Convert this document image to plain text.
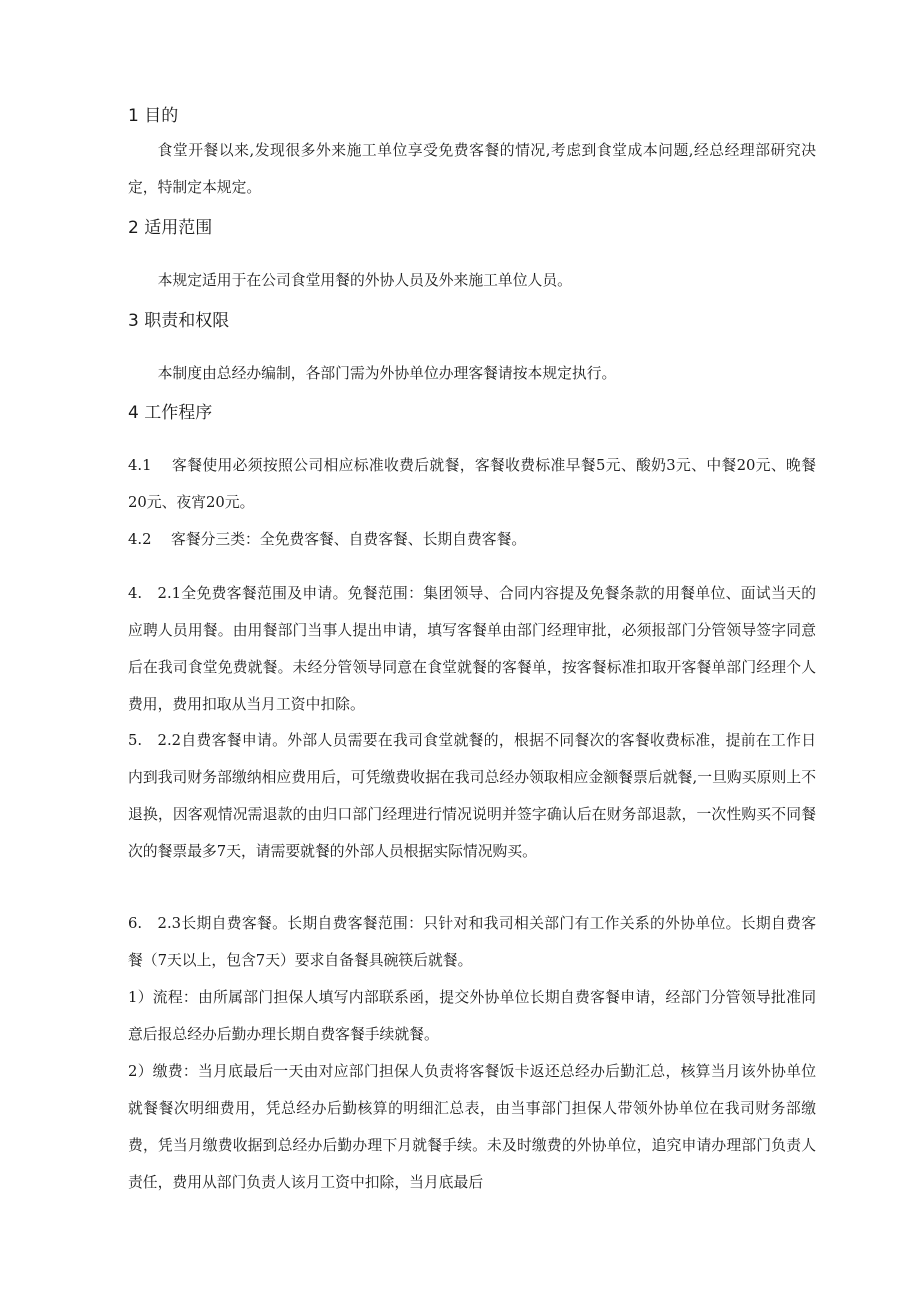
1 目的

食堂开餐以来,发现很多外来施工单位享受免费客餐的情况,考虑到食堂成本问题,经总经理部研究决定，特制定本规定。

2 适用范围

本规定适用于在公司食堂用餐的外协人员及外来施工单位人员。

3 职责和权限

本制度由总经办编制，各部门需为外协单位办理客餐请按本规定执行。

4 工作程序

4.1　 客餐使用必须按照公司相应标准收费后就餐，客餐收费标准早餐5元、酸奶3元、中餐20元、晚餐20元、夜宵20元。

4.2　 客餐分三类：全免费客餐、自费客餐、长期自费客餐。

4.　2.1全免费客餐范围及申请。免餐范围：集团领导、合同内容提及免餐条款的用餐单位、面试当天的应聘人员用餐。由用餐部门当事人提出申请，填写客餐单由部门经理审批，必须报部门分管领导签字同意后在我司食堂免费就餐。未经分管领导同意在食堂就餐的客餐单，按客餐标准扣取开客餐单部门经理个人费用，费用扣取从当月工资中扣除。

5.　2.2自费客餐申请。外部人员需要在我司食堂就餐的，根据不同餐次的客餐收费标准，提前在工作日内到我司财务部缴纳相应费用后，可凭缴费收据在我司总经办领取相应金额餐票后就餐,一旦购买原则上不退换，因客观情况需退款的由归口部门经理进行情况说明并签字确认后在财务部退款，一次性购买不同餐次的餐票最多7天，请需要就餐的外部人员根据实际情况购买。

6.　2.3长期自费客餐。长期自费客餐范围：只针对和我司相关部门有工作关系的外协单位。长期自费客餐（7天以上，包含7天）要求自备餐具碗筷后就餐。

1）流程：由所属部门担保人填写内部联系函，提交外协单位长期自费客餐申请，经部门分管领导批准同意后报总经办后勤办理长期自费客餐手续就餐。

2）缴费：当月底最后一天由对应部门担保人负责将客餐饭卡返还总经办后勤汇总，核算当月该外协单位就餐餐次明细费用，凭总经办后勤核算的明细汇总表，由当事部门担保人带领外协单位在我司财务部缴费，凭当月缴费收据到总经办后勤办理下月就餐手续。未及时缴费的外协单位，追究申请办理部门负责人责任，费用从部门负责人该月工资中扣除，当月底最后
